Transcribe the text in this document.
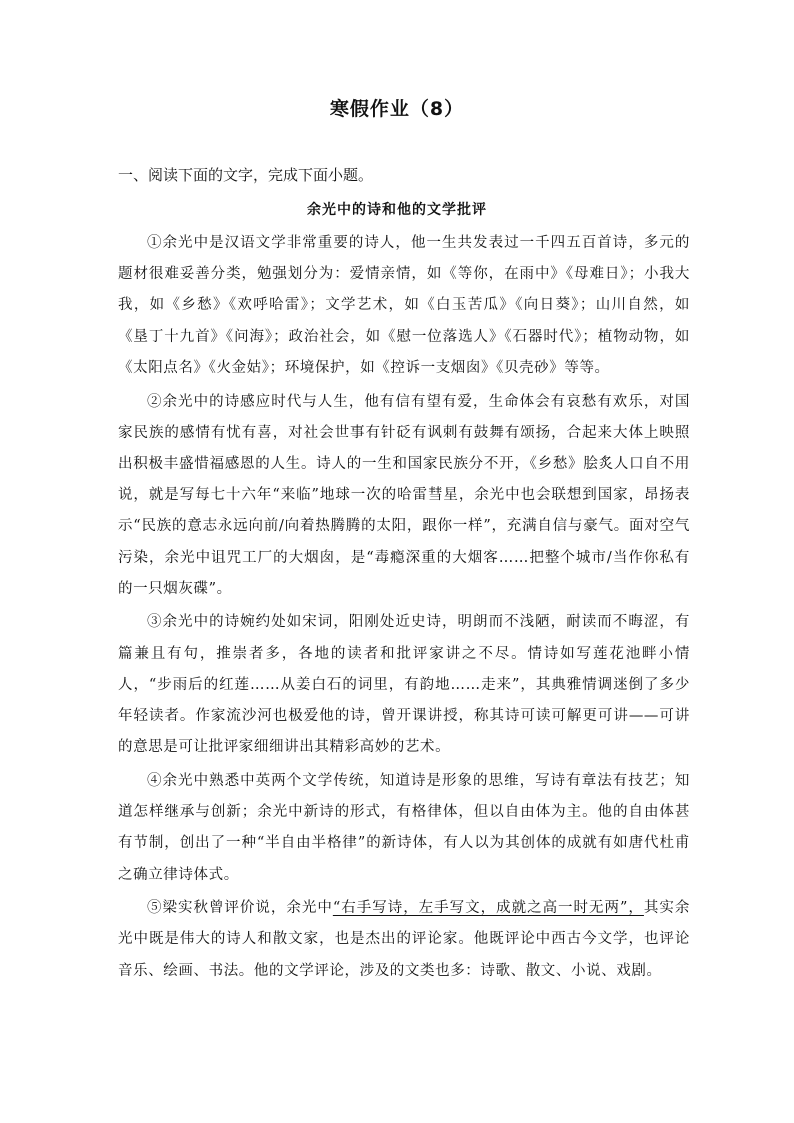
寒假作业（8）
一、阅读下面的文字，完成下面小题。
余光中的诗和他的文学批评

①余光中是汉语文学非常重要的诗人，他一生共发表过一千四五百首诗，多元的题材很难妥善分类，勉强划分为：爱情亲情，如《等你，在雨中》《母难日》；小我大我，如《乡愁》《欢呼哈雷》；文学艺术，如《白玉苦瓜》《向日葵》；山川自然，如《垦丁十九首》《问海》；政治社会，如《慰一位落选人》《石器时代》；植物动物，如《太阳点名》《火金姑》；环境保护，如《控诉一支烟囱》《贝壳砂》等等。

②余光中的诗感应时代与人生，他有信有望有爱，生命体会有哀愁有欢乐，对国家民族的感情有忧有喜，对社会世事有针砭有讽刺有鼓舞有颂扬，合起来大体上映照出积极丰盛惜福感恩的人生。诗人的一生和国家民族分不开，《乡愁》脍炙人口自不用说，就是写每七十六年“来临”地球一次的哈雷彗星，余光中也会联想到国家，昂扬表示“民族的意志永远向前/向着热腾腾的太阳，跟你一样”，充满自信与豪气。面对空气污染，余光中诅咒工厂的大烟囱，是“毒瘾深重的大烟客……把整个城市/当作你私有的一只烟灰碟”。

③余光中的诗婉约处如宋词，阳刚处近史诗，明朗而不浅陋，耐读而不晦涩，有篇兼且有句，推崇者多，各地的读者和批评家讲之不尽。情诗如写莲花池畔小情人，“步雨后的红莲……从姜白石的词里，有韵地……走来”，其典雅情调迷倒了多少年轻读者。作家流沙河也极爱他的诗，曾开课讲授，称其诗可读可解更可讲——可讲的意思是可让批评家细细讲出其精彩高妙的艺术。

④余光中熟悉中英两个文学传统，知道诗是形象的思维，写诗有章法有技艺；知道怎样继承与创新；余光中新诗的形式，有格律体，但以自由体为主。他的自由体甚有节制，创出了一种“半自由半格律”的新诗体，有人以为其创体的成就有如唐代杜甫之确立律诗体式。

⑤梁实秋曾评价说，余光中“右手写诗，左手写文，成就之高一时无两”，其实余光中既是伟大的诗人和散文家，也是杰出的评论家。他既评论中西古今文学，也评论音乐、绘画、书法。他的文学评论，涉及的文类也多：诗歌、散文、小说、戏剧。
